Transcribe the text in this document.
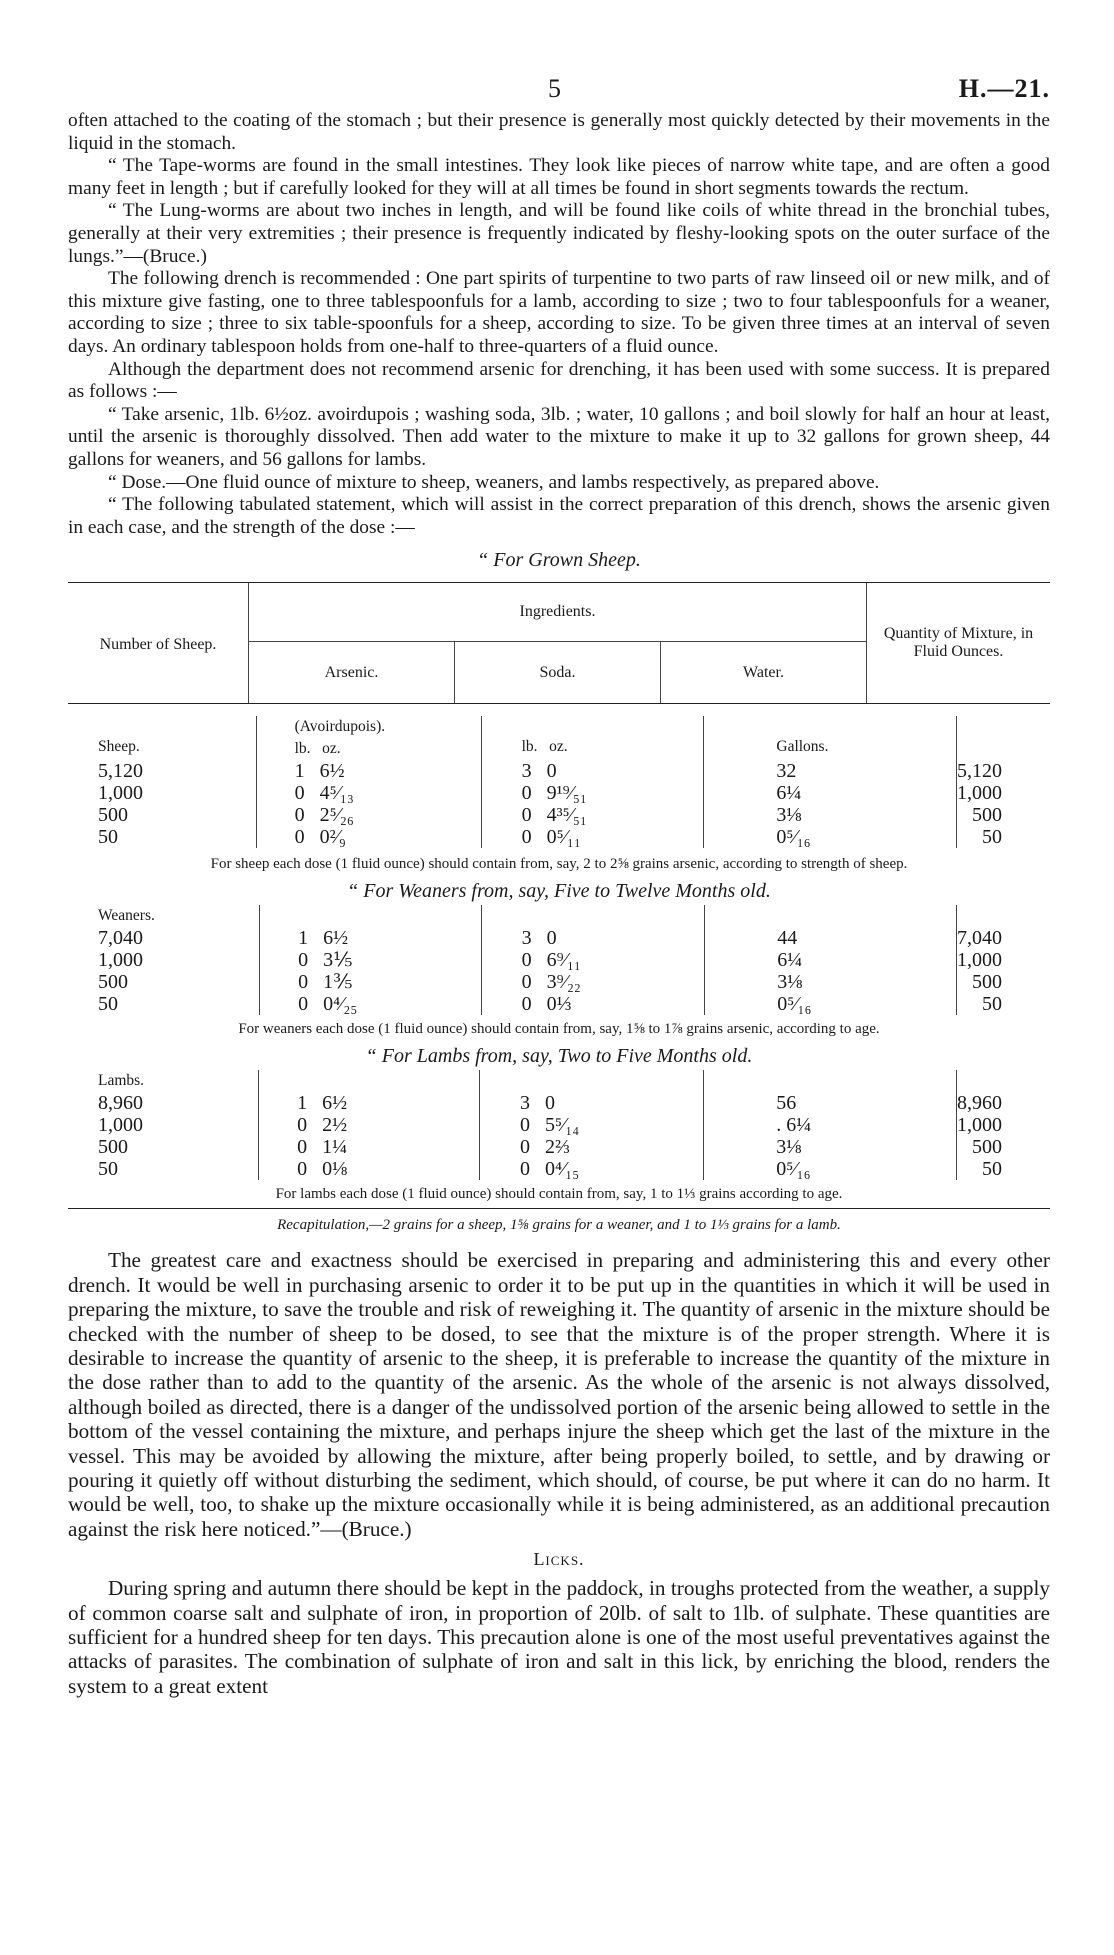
5	H.—21.

often attached to the coating of the stomach ; but their presence is generally most quickly detected by their movements in the liquid in the stomach.

“ The Tape-worms are found in the small intestines. They look like pieces of narrow white tape, and are often a good many feet in length ; but if carefully looked for they will at all times be found in short segments towards the rectum.

“ The Lung-worms are about two inches in length, and will be found like coils of white thread in the bronchial tubes, generally at their very extremities ; their presence is frequently indicated by fleshy-looking spots on the outer surface of the lungs.”—(Bruce.)

The following drench is recommended : One part spirits of turpentine to two parts of raw linseed oil or new milk, and of this mixture give fasting, one to three tablespoonfuls for a lamb, according to size ; two to four tablespoonfuls for a weaner, according to size ; three to six table-spoonfuls for a sheep, according to size. To be given three times at an interval of seven days. An ordinary tablespoon holds from one-half to three-quarters of a fluid ounce.

Although the department does not recommend arsenic for drenching, it has been used with some success. It is prepared as follows :—

“ Take arsenic, 1lb. 6½oz. avoirdupois ; washing soda, 3lb. ; water, 10 gallons ; and boil slowly for half an hour at least, until the arsenic is thoroughly dissolved. Then add water to the mixture to make it up to 32 gallons for grown sheep, 44 gallons for weaners, and 56 gallons for lambs.

“ Dose.—One fluid ounce of mixture to sheep, weaners, and lambs respectively, as prepared above.

“ The following tabulated statement, which will assist in the correct preparation of this drench, shows the arsenic given in each case, and the strength of the dose :—

“ For Grown Sheep.
Number of Sheep.	Ingredients.			Quantity of Mixture, in Fluid Ounces.
	Arsenic.	Soda.	Water.	
Sheep.	(Avoirdupois).
lb.   oz.	lb.   oz.	Gallons.	
5,120	1   6½	3   0	32	5,120
1,000	0   4⁵⁄₁₃	0   9¹⁹⁄₅₁	6¼	1,000
500	0   2⁵⁄₂₆	0   4³⁵⁄₅₁	3⅛	500
50	0   0²⁄₉	0   0⁵⁄₁₁	0⁵⁄₁₆	50
For sheep each dose (1 fluid ounce) should contain from, say, 2 to 2⅝ grains arsenic, according to strength of sheep.
“ For Weaners from, say, Five to Twelve Months old.
Weaners.				
7,040	1   6½	3   0	44	7,040
1,000	0   3⅕	0   6⁹⁄₁₁	6¼	1,000
500	0   1⅗	0   3⁹⁄₂₂	3⅛	500
50	0   0⁴⁄₂₅	0   0⅓	0⁵⁄₁₆	50
For weaners each dose (1 fluid ounce) should contain from, say, 1⅝ to 1⅞ grains arsenic, according to age.
“ For Lambs from, say, Two to Five Months old.
Lambs.				
8,960	1   6½	3   0	56	8,960
1,000	0   2½	0   5⁵⁄₁₄	. 6¼	1,000
500	0   1¼	0   2⅔	3⅛	500
50	0   0⅛	0   0⁴⁄₁₅	0⁵⁄₁₆	50
For lambs each dose (1 fluid ounce) should contain from, say, 1 to 1⅓ grains according to age.
Recapitulation,—2 grains for a sheep, 1⅝ grains for a weaner, and 1 to 1⅓ grains for a lamb.

The greatest care and exactness should be exercised in preparing and administering this and every other drench. It would be well in purchasing arsenic to order it to be put up in the quantities in which it will be used in preparing the mixture, to save the trouble and risk of reweighing it. The quantity of arsenic in the mixture should be checked with the number of sheep to be dosed, to see that the mixture is of the proper strength. Where it is desirable to increase the quantity of arsenic to the sheep, it is preferable to increase the quantity of the mixture in the dose rather than to add to the quantity of the arsenic. As the whole of the arsenic is not always dissolved, although boiled as directed, there is a danger of the undissolved portion of the arsenic being allowed to settle in the bottom of the vessel containing the mixture, and perhaps injure the sheep which get the last of the mixture in the vessel. This may be avoided by allowing the mixture, after being properly boiled, to settle, and by drawing or pouring it quietly off without disturbing the sediment, which should, of course, be put where it can do no harm. It would be well, too, to shake up the mixture occasionally while it is being administered, as an additional precaution against the risk here noticed.”—(Bruce.)

Licks.

During spring and autumn there should be kept in the paddock, in troughs protected from the weather, a supply of common coarse salt and sulphate of iron, in proportion of 20lb. of salt to 1lb. of sulphate. These quantities are sufficient for a hundred sheep for ten days. This precaution alone is one of the most useful preventatives against the attacks of parasites. The combination of sulphate of iron and salt in this lick, by enriching the blood, renders the system to a great extent
